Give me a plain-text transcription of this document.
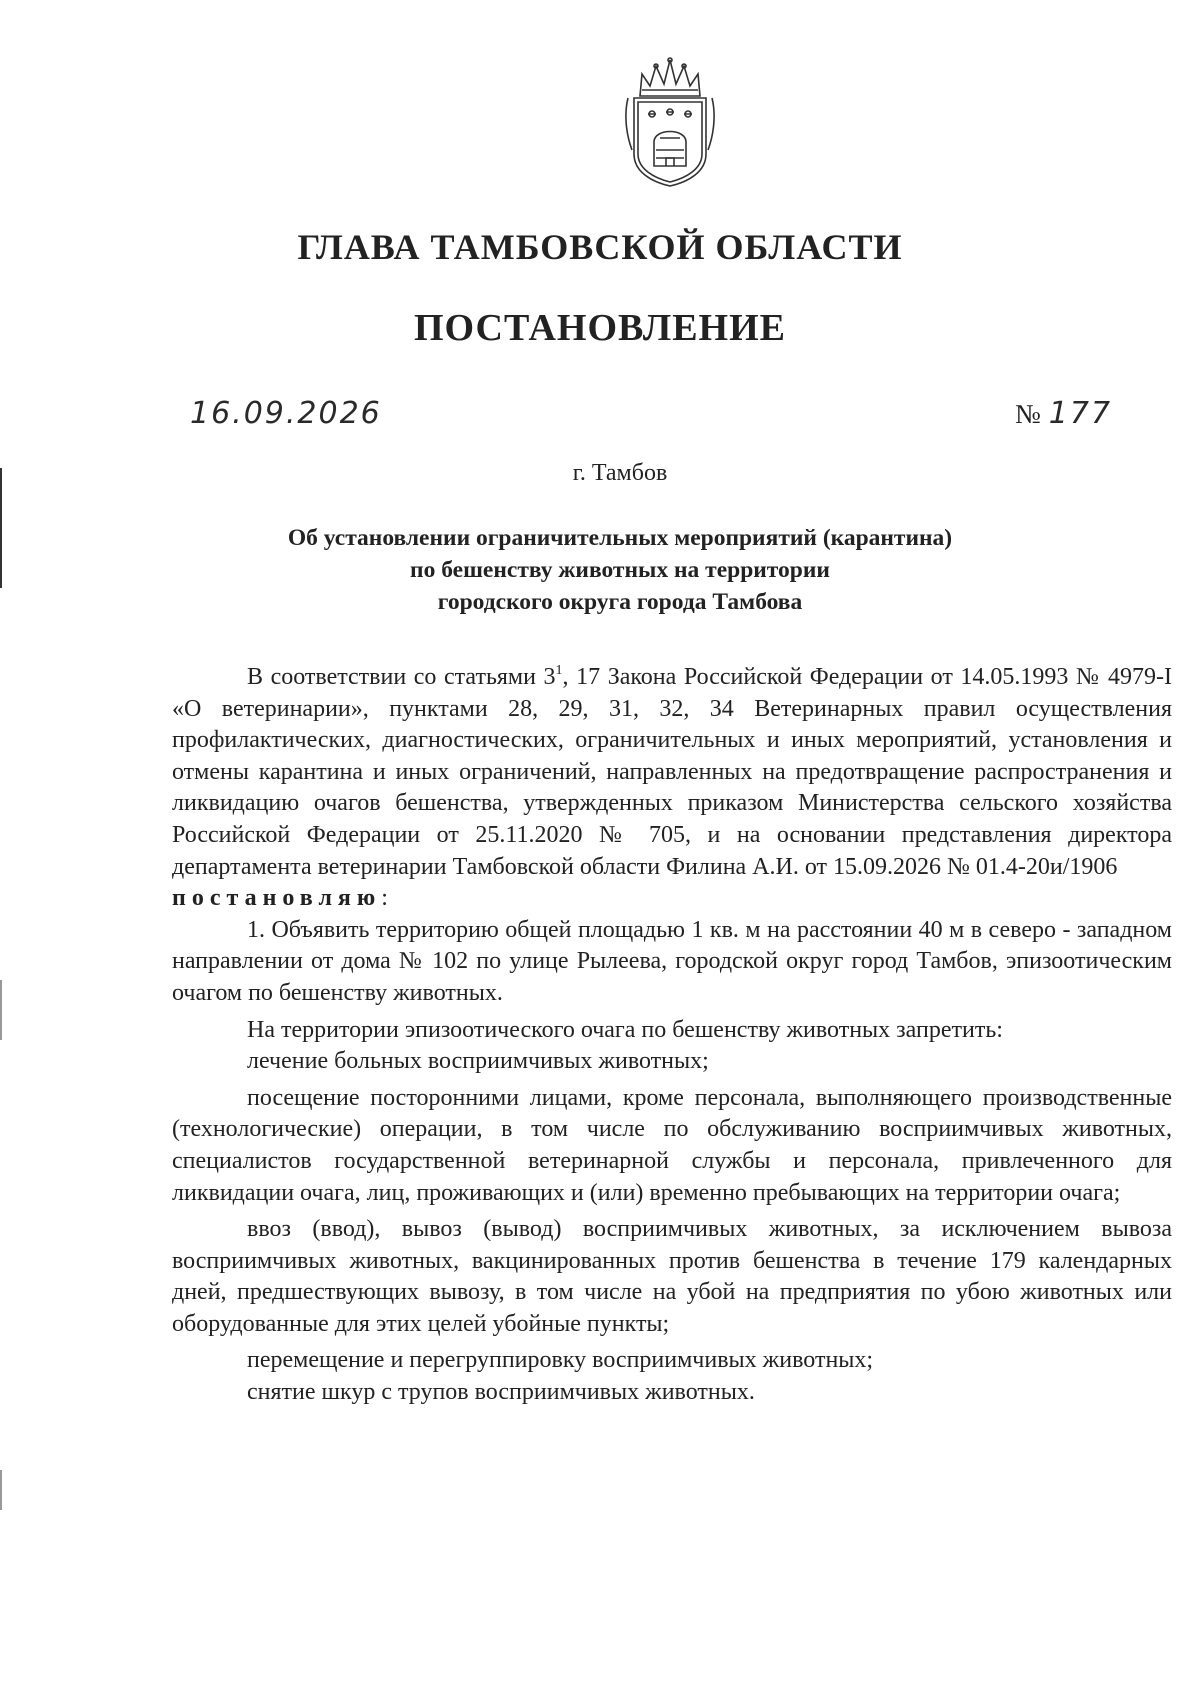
ГЛАВА ТАМБОВСКОЙ ОБЛАСТИ
ПОСТАНОВЛЕНИЕ
16.09.2026	№ 177
г. Тамбов
Об установлении ограничительных мероприятий (карантина)
по бешенству животных на территории
городского округа города Тамбова

В соответствии со статьями $3^1$, 17 Закона Российской Федерации от 14.05.1993 № 4979-I «О ветеринарии», пунктами 28, 29, 31, 32, 34 Ветеринарных правил осуществления профилактических, диагностических, ограничительных и иных мероприятий, установления и отмены карантина и иных ограничений, направленных на предотвращение распространения и ликвидацию очагов бешенства, утвержденных приказом Министерства сельского хозяйства Российской Федерации от 25.11.2020 № 705, и на основании представления директора департамента ветеринарии Тамбовской области Филина А.И. от 15.09.2026 № 01.4-20и/1906

постановляю:

1. Объявить территорию общей площадью 1 кв. м на расстоянии 40 м в северо - западном направлении от дома № 102 по улице Рылеева, городской округ город Тамбов, эпизоотическим очагом по бешенству животных.

На территории эпизоотического очага по бешенству животных запретить:

лечение больных восприимчивых животных;

посещение посторонними лицами, кроме персонала, выполняющего производственные (технологические) операции, в том числе по обслуживанию восприимчивых животных, специалистов государственной ветеринарной службы и персонала, привлеченного для ликвидации очага, лиц, проживающих и (или) временно пребывающих на территории очага;

ввоз (ввод), вывоз (вывод) восприимчивых животных, за исключением вывоза восприимчивых животных, вакцинированных против бешенства в течение 179 календарных дней, предшествующих вывозу, в том числе на убой на предприятия по убою животных или оборудованные для этих целей убойные пункты;

перемещение и перегруппировку восприимчивых животных;

снятие шкур с трупов восприимчивых животных.
